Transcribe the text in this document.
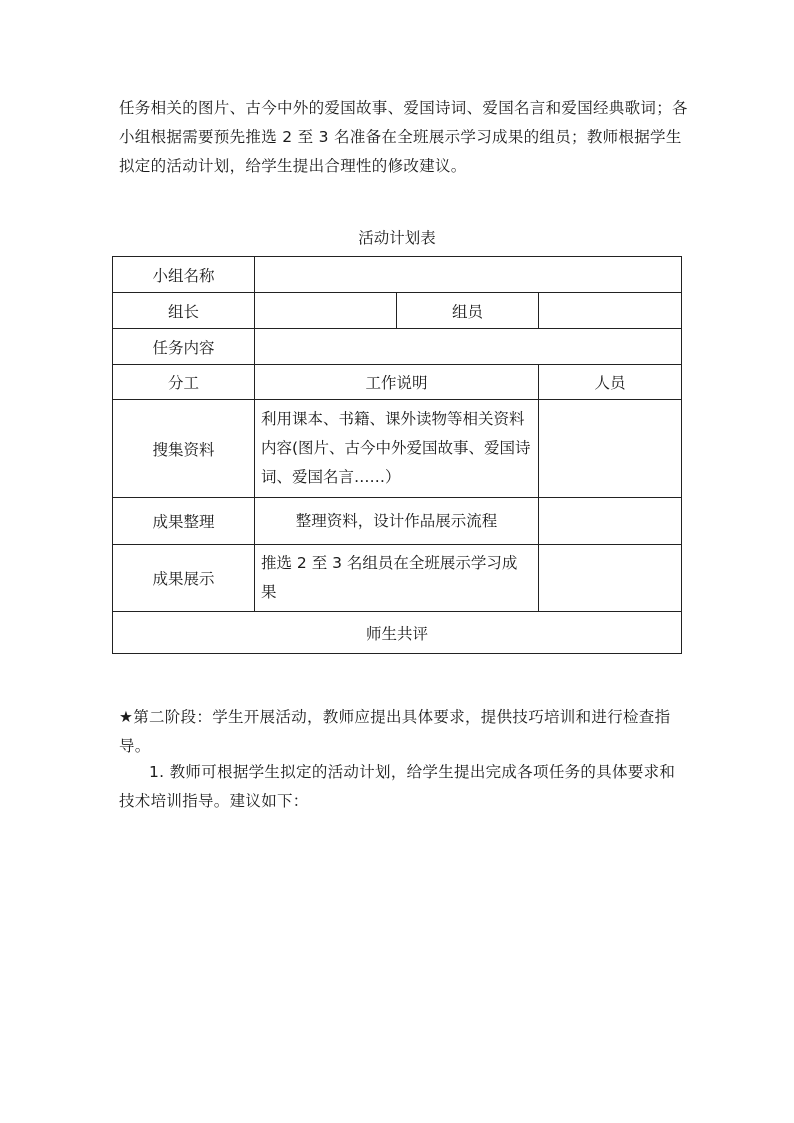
任务相关的图片、古今中外的爱国故事、爱国诗词、爱国名言和爱国经典歌词；各小组根据需要预先推选 2 至 3 名准备在全班展示学习成果的组员；教师根据学生拟定的活动计划，给学生提出合理性的修改建议。
活动计划表
小组名称			
组长		组员	
任务内容			
分工	工作说明		人员
搜集资料	利用课本、书籍、课外读物等相关资料内容(图片、古今中外爱国故事、爱国诗词、爱国名言……）		
成果整理	整理资料，设计作品展示流程		
成果展示	推选 2 至 3 名组员在全班展示学习成果		
师生共评			
★第二阶段：学生开展活动，教师应提出具体要求，提供技巧培训和进行检查指导。
1. 教师可根据学生拟定的活动计划，给学生提出完成各项任务的具体要求和技术培训指导。建议如下：
